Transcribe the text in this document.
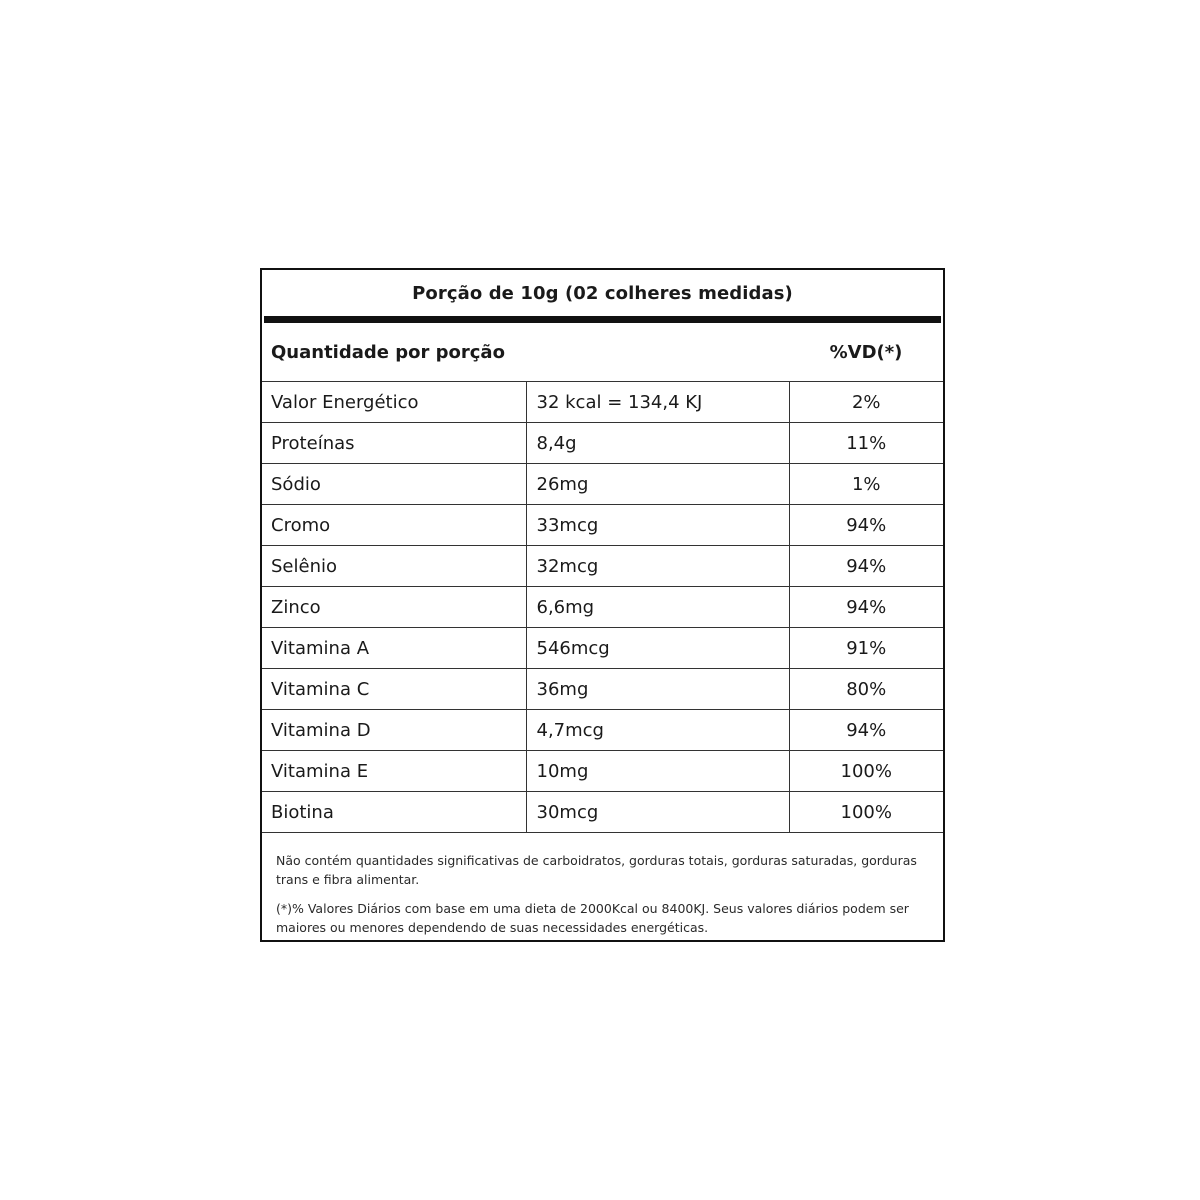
Porção de 10g (02 colheres medidas)
Quantidade por porção	%VD(*)
Valor Energético	32 kcal = 134,4 KJ	2%
Proteínas	8,4g	11%
Sódio	26mg	1%
Cromo	33mcg	94%
Selênio	32mcg	94%
Zinco	6,6mg	94%
Vitamina A	546mcg	91%
Vitamina C	36mg	80%
Vitamina D	4,7mcg	94%
Vitamina E	10mg	100%
Biotina	30mcg	100%

Não contém quantidades significativas de carboidratos, gorduras totais, gorduras saturadas, gorduras trans e fibra alimentar.

(*)% Valores Diários com base em uma dieta de 2000Kcal ou 8400KJ. Seus valores diários podem ser maiores ou menores dependendo de suas necessidades energéticas.
